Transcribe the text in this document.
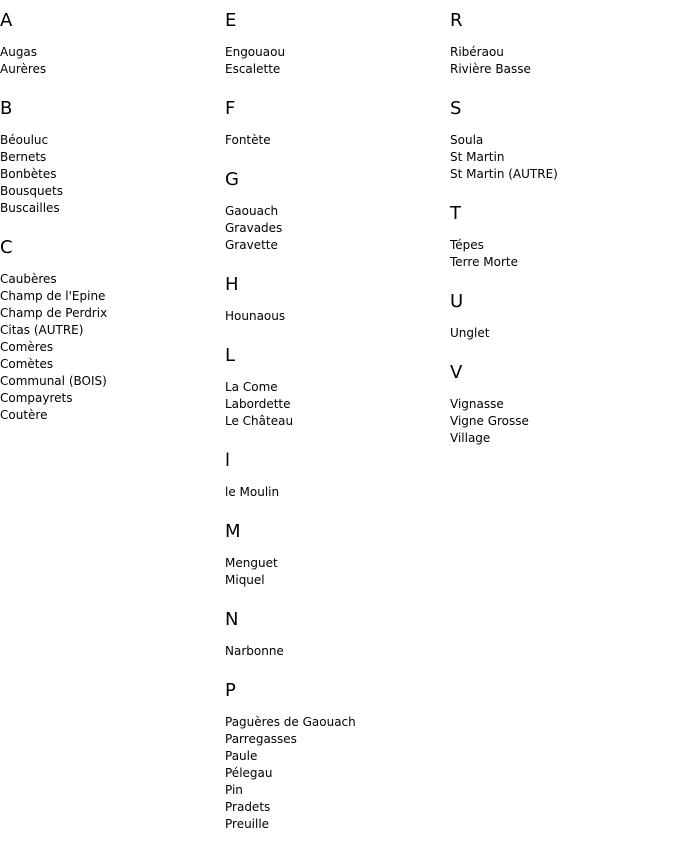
A
Augas
Aurères
B
Béouluc
Bernets
Bonbètes
Bousquets
Buscailles
C
Caubères
Champ de l'Epine
Champ de Perdrix
Citas (AUTRE)
Comères
Comètes
Communal (BOIS)
Compayrets
Coutère
E
Engouaou
Escalette
F
Fontète
G
Gaouach
Gravades
Gravette
H
Hounaous
L
La Come
Labordette
Le Château
l
le Moulin
M
Menguet
Miquel
N
Narbonne
P
Paguères de Gaouach
Parregasses
Paule
Pélegau
Pin
Pradets
Preuille
R
Ribéraou
Rivière Basse
S
Soula
St Martin
St Martin (AUTRE)
T
Tépes
Terre Morte
U
Unglet
V
Vignasse
Vigne Grosse
Village
